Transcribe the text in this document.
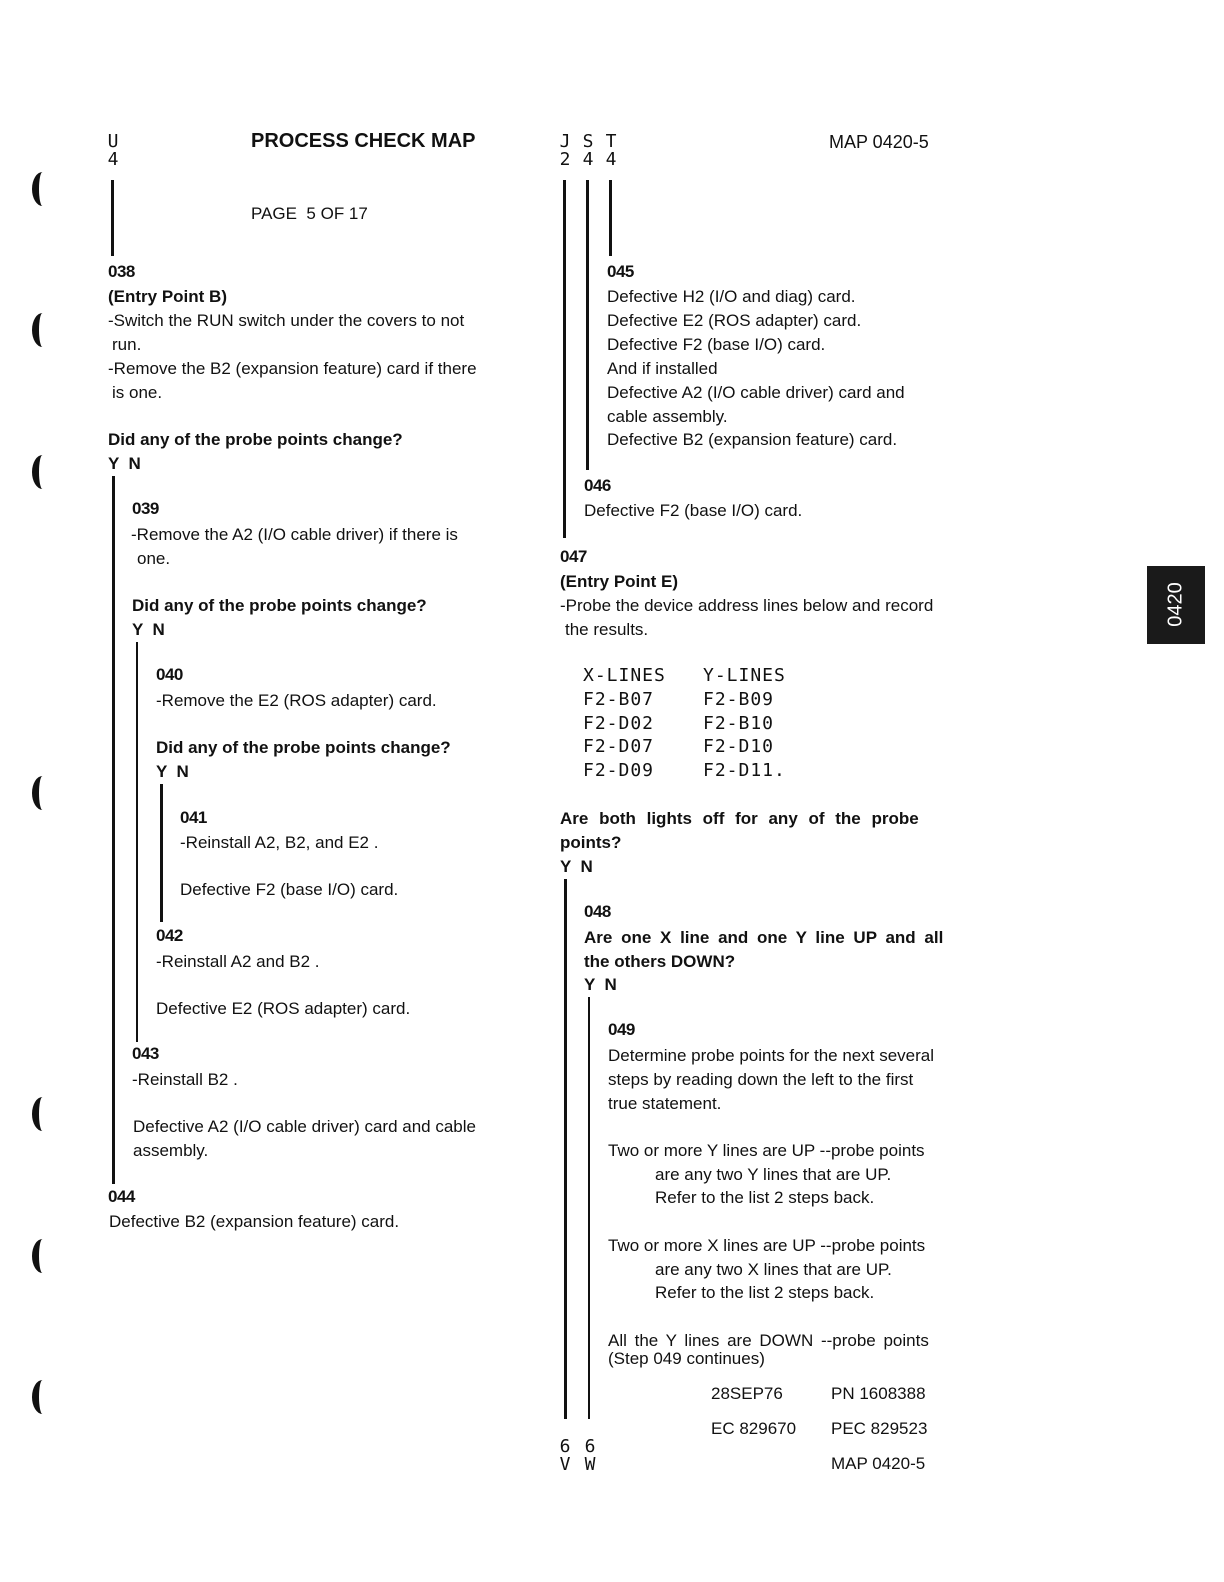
0420
U
4
PROCESS CHECK MAP
PAGE  5 OF 17
J
2
S
4
T
4
MAP 0420-5
038
(Entry Point B)
-Switch the RUN switch under the covers to not
run.
-Remove the B2 (expansion feature) card if there
is one.
Did any of the probe points change?
Y  N
039
-Remove the A2 (I/O cable driver) if there is
one.
Did any of the probe points change?
Y  N
040
-Remove the E2 (ROS adapter) card.
Did any of the probe points change?
Y  N
041
-Reinstall A2, B2, and E2 .
Defective F2 (base I/O) card.
042
-Reinstall A2 and B2 .
Defective E2 (ROS adapter) card.
043
-Reinstall B2 .
Defective A2 (I/O cable driver) card and cable
assembly.
044
Defective B2 (expansion feature) card.
045
Defective H2 (I/O and diag) card.
Defective E2 (ROS adapter) card.
Defective F2 (base I/O) card.
And if installed
Defective A2 (I/O cable driver) card and
cable assembly.
Defective B2 (expansion feature) card.
046
Defective F2 (base I/O) card.
047
(Entry Point E)
-Probe the device address lines below and record
the results.
X-LINES Y-LINES
F2-B07	F2-B09
F2-D02	F2-B10
F2-D07	F2-D10
F2-D09	F2-D11.
Are both lights off for any of the probe
points?
Y  N
048
Are one X line and one Y line UP and all
the others DOWN?
Y  N
049
Determine probe points for the next several
steps by reading down the left to the first
true statement.
Two or more Y lines are UP --probe points
are any two Y lines that are UP.
Refer to the list 2 steps back.
Two or more X lines are UP --probe points
are any two X lines that are UP.
Refer to the list 2 steps back.
All the Y lines are DOWN --probe points
(Step 049 continues)
28SEP76	PN 1608388
EC 829670 PEC 829523
MAP 0420-5
6
V
6
W
